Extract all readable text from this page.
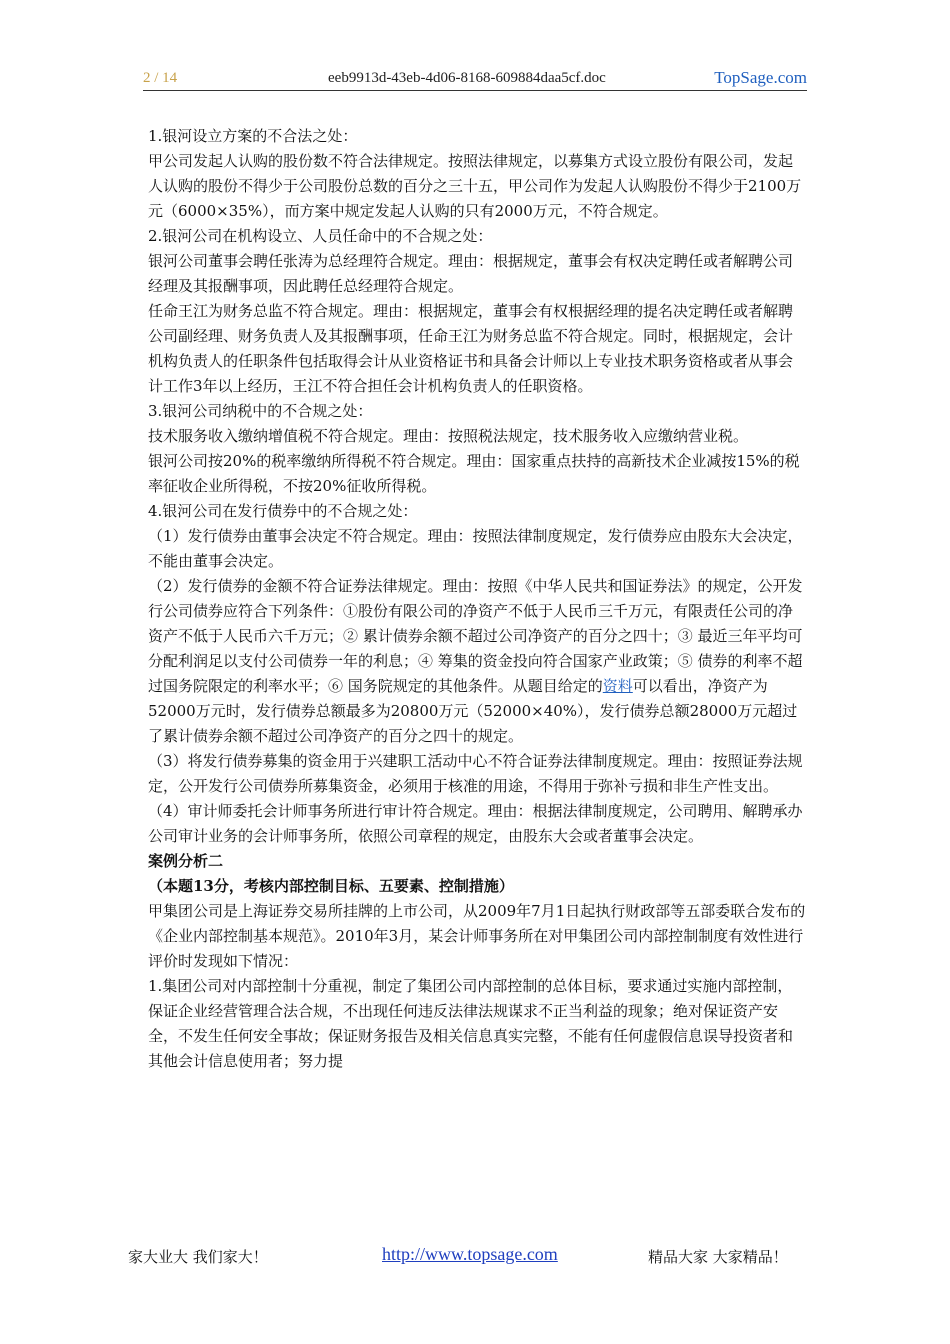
2 / 14	eeb9913d-43eb-4d06-8168-609884daa5cf.doc	TopSage.com

1.银河设立方案的不合法之处：

甲公司发起人认购的股份数不符合法律规定。按照法律规定，以募集方式设立股份有限公司，发起人认购的股份不得少于公司股份总数的百分之三十五，甲公司作为发起人认购股份不得少于2100万元（6000×35%），而方案中规定发起人认购的只有2000万元，不符合规定。

2.银河公司在机构设立、人员任命中的不合规之处：

银河公司董事会聘任张涛为总经理符合规定。理由：根据规定，董事会有权决定聘任或者解聘公司经理及其报酬事项，因此聘任总经理符合规定。

任命王江为财务总监不符合规定。理由：根据规定，董事会有权根据经理的提名决定聘任或者解聘公司副经理、财务负责人及其报酬事项，任命王江为财务总监不符合规定。同时，根据规定，会计机构负责人的任职条件包括取得会计从业资格证书和具备会计师以上专业技术职务资格或者从事会计工作3年以上经历，王江不符合担任会计机构负责人的任职资格。

3.银河公司纳税中的不合规之处：

技术服务收入缴纳增值税不符合规定。理由：按照税法规定，技术服务收入应缴纳营业税。

银河公司按20%的税率缴纳所得税不符合规定。理由：国家重点扶持的高新技术企业减按15%的税率征收企业所得税，不按20%征收所得税。

4.银河公司在发行债券中的不合规之处：

（1）发行债券由董事会决定不符合规定。理由：按照法律制度规定，发行债券应由股东大会决定，不能由董事会决定。

（2）发行债券的金额不符合证券法律规定。理由：按照《中华人民共和国证券法》的规定，公开发行公司债券应符合下列条件：①股份有限公司的净资产不低于人民币三千万元，有限责任公司的净资产不低于人民币六千万元；② 累计债券余额不超过公司净资产的百分之四十；③ 最近三年平均可分配利润足以支付公司债券一年的利息；④ 筹集的资金投向符合国家产业政策；⑤ 债券的利率不超过国务院限定的利率水平；⑥ 国务院规定的其他条件。从题目给定的资料可以看出，净资产为52000万元时，发行债券总额最多为20800万元（52000×40%），发行债券总额28000万元超过了累计债券余额不超过公司净资产的百分之四十的规定。

（3）将发行债券募集的资金用于兴建职工活动中心不符合证券法律制度规定。理由：按照证券法规定，公开发行公司债券所募集资金，必须用于核准的用途，不得用于弥补亏损和非生产性支出。

（4）审计师委托会计师事务所进行审计符合规定。理由：根据法律制度规定，公司聘用、解聘承办公司审计业务的会计师事务所，依照公司章程的规定，由股东大会或者董事会决定。

案例分析二

（本题13分，考核内部控制目标、五要素、控制措施）

甲集团公司是上海证券交易所挂牌的上市公司，从2009年7月1日起执行财政部等五部委联合发布的《企业内部控制基本规范》。2010年3月，某会计师事务所在对甲集团公司内部控制制度有效性进行评价时发现如下情况：

1.集团公司对内部控制十分重视，制定了集团公司内部控制的总体目标，要求通过实施内部控制，保证企业经营管理合法合规，不出现任何违反法律法规谋求不正当利益的现象；绝对保证资产安全，不发生任何安全事故；保证财务报告及相关信息真实完整，不能有任何虚假信息误导投资者和其他会计信息使用者；努力提

家大业大 我们家大！	http://www.topsage.com	精品大家 大家精品！
